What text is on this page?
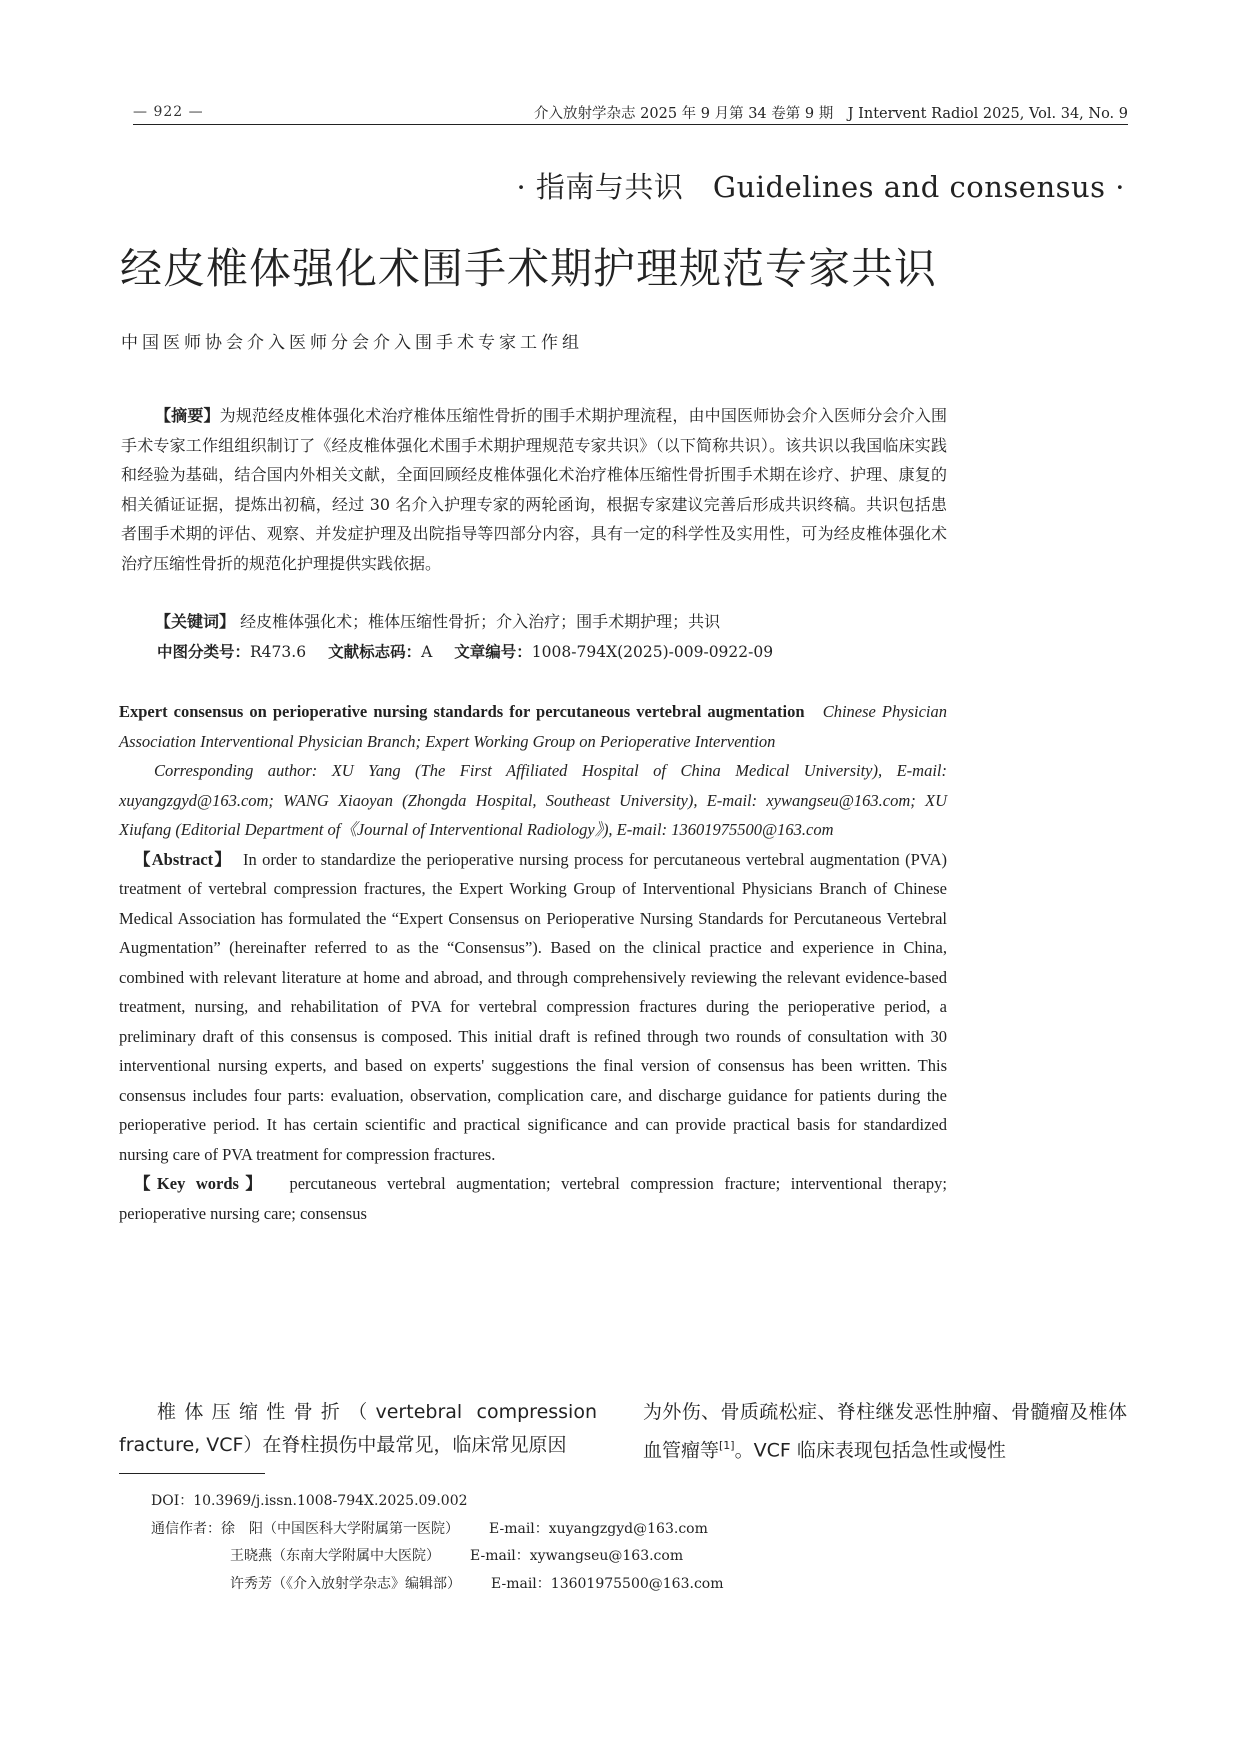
— 922 —	介入放射学杂志 2025 年 9 月第 34 卷第 9 期　J Intervent Radiol 2025, Vol. 34, No. 9
· 指南与共识　Guidelines and consensus ·
经皮椎体强化术围手术期护理规范专家共识
中国医师协会介入医师分会介入围手术专家工作组
【摘要】为规范经皮椎体强化术治疗椎体压缩性骨折的围手术期护理流程，由中国医师协会介入医师分会介入围手术专家工作组组织制订了《经皮椎体强化术围手术期护理规范专家共识》（以下简称共识）。该共识以我国临床实践和经验为基础，结合国内外相关文献，全面回顾经皮椎体强化术治疗椎体压缩性骨折围手术期在诊疗、护理、康复的相关循证证据，提炼出初稿，经过 30 名介入护理专家的两轮函询，根据专家建议完善后形成共识终稿。共识包括患者围手术期的评估、观察、并发症护理及出院指导等四部分内容，具有一定的科学性及实用性，可为经皮椎体强化术治疗压缩性骨折的规范化护理提供实践依据。
【关键词】 经皮椎体强化术；椎体压缩性骨折；介入治疗；围手术期护理；共识
中图分类号：R473.6 文献标志码：A 文章编号：1008-794X(2025)-009-0922-09

Expert consensus on perioperative nursing standards for percutaneous vertebral augmentation Chinese Physician Association Interventional Physician Branch; Expert Working Group on Perioperative Intervention

Corresponding author: XU Yang (The First Affiliated Hospital of China Medical University), E-mail: xuyangzgyd@163.com; WANG Xiaoyan (Zhongda Hospital, Southeast University), E-mail: xywangseu@163.com; XU Xiufang (Editorial Department of《Journal of Interventional Radiology》), E-mail: 13601975500@163.com

【Abstract】 In order to standardize the perioperative nursing process for percutaneous vertebral augmentation (PVA) treatment of vertebral compression fractures, the Expert Working Group of Interventional Physicians Branch of Chinese Medical Association has formulated the “Expert Consensus on Perioperative Nursing Standards for Percutaneous Vertebral Augmentation” (hereinafter referred to as the “Consensus”). Based on the clinical practice and experience in China, combined with relevant literature at home and abroad, and through comprehensively reviewing the relevant evidence-based treatment, nursing, and rehabilitation of PVA for vertebral compression fractures during the perioperative period, a preliminary draft of this consensus is composed. This initial draft is refined through two rounds of consultation with 30 interventional nursing experts, and based on experts' suggestions the final version of consensus has been written. This consensus includes four parts: evaluation, observation, complication care, and discharge guidance for patients during the perioperative period. It has certain scientific and practical significance and can provide practical basis for standardized nursing care of PVA treatment for compression fractures.

【Key words】 percutaneous vertebral augmentation; vertebral compression fracture; interventional therapy; perioperative nursing care; consensus

椎体压缩性骨折（vertebral compression fracture, VCF）在脊柱损伤中最常见，临床常见原因
为外伤、骨质疏松症、脊柱继发恶性肿瘤、骨髓瘤及椎体血管瘤等[1]。VCF 临床表现包括急性或慢性
DOI：10.3969/j.issn.1008-794X.2025.09.002
通信作者：徐　阳（中国医科大学附属第一医院） E-mail：xuyangzgyd@163.com
王晓燕（东南大学附属中大医院） E-mail：xywangseu@163.com
许秀芳（《介入放射学杂志》编辑部） E-mail：13601975500@163.com
